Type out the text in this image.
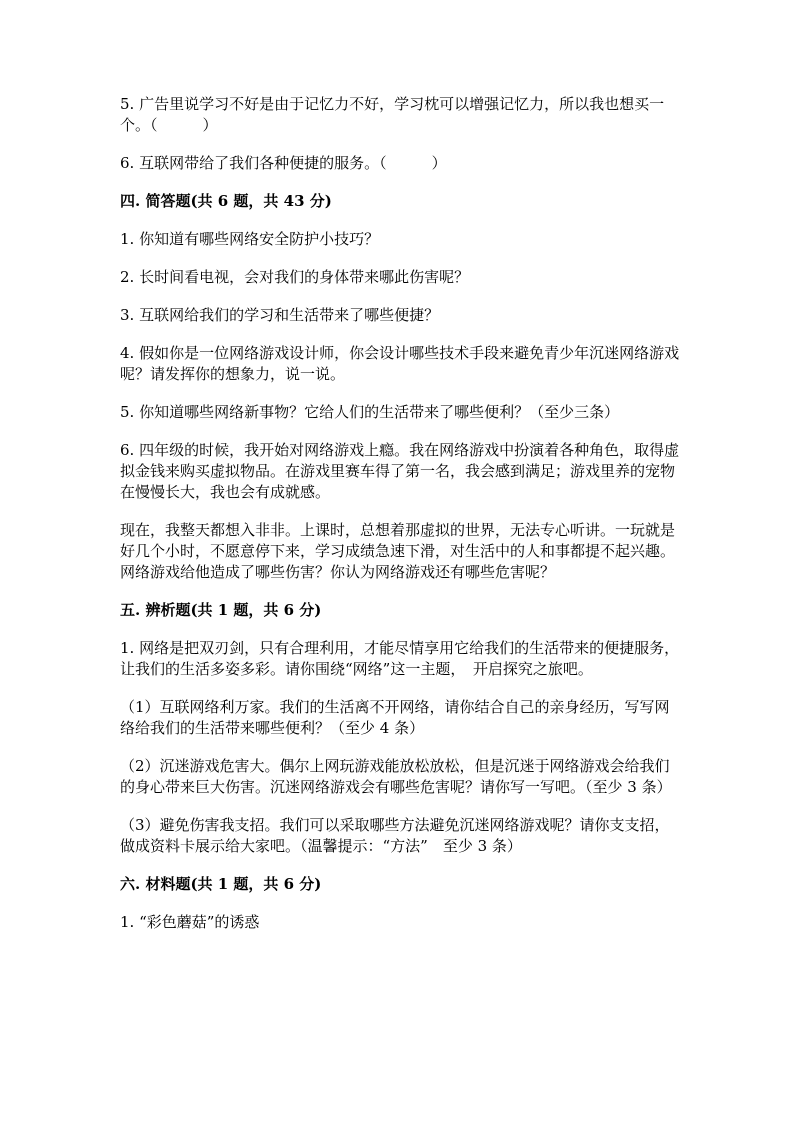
5. 广告里说学习不好是由于记忆力不好，学习枕可以增强记忆力，所以我也想买一个。（　　　）

6. 互联网带给了我们各种便捷的服务。（　　　）

四. 简答题(共 6 题，共 43 分)

1. 你知道有哪些网络安全防护小技巧？

2. 长时间看电视，会对我们的身体带来哪此伤害呢？

3. 互联网给我们的学习和生活带来了哪些便捷？

4. 假如你是一位网络游戏设计师，你会设计哪些技术手段来避免青少年沉迷网络游戏呢？请发挥你的想象力，说一说。

5. 你知道哪些网络新事物？它给人们的生活带来了哪些便利？（至少三条）

6. 四年级的时候，我开始对网络游戏上瘾。我在网络游戏中扮演着各种角色，取得虚拟金钱来购买虚拟物品。在游戏里赛车得了第一名，我会感到满足；游戏里养的宠物在慢慢长大，我也会有成就感。

现在，我整天都想入非非。上课时，总想着那虚拟的世界，无法专心听讲。一玩就是好几个小时，不愿意停下来，学习成绩急速下滑，对生活中的人和事都提不起兴趣。网络游戏给他造成了哪些伤害？你认为网络游戏还有哪些危害呢？

五. 辨析题(共 1 题，共 6 分)

1. 网络是把双刃剑，只有合理利用，才能尽情享用它给我们的生活带来的便捷服务，让我们的生活多姿多彩。请你围绕“网络”这一主题，　开启探究之旅吧。

（1）互联网络利万家。我们的生活离不开网络，请你结合自己的亲身经历，写写网络给我们的生活带来哪些便利？（至少 4 条）

（2）沉迷游戏危害大。偶尔上网玩游戏能放松放松，但是沉迷于网络游戏会给我们的身心带来巨大伤害。沉迷网络游戏会有哪些危害呢？请你写一写吧。（至少 3 条）

（3）避免伤害我支招。我们可以采取哪些方法避免沉迷网络游戏呢？请你支支招，做成资料卡展示给大家吧。（温馨提示：“方法”　至少 3 条）

六. 材料题(共 1 题，共 6 分)

1. “彩色蘑菇”的诱惑
